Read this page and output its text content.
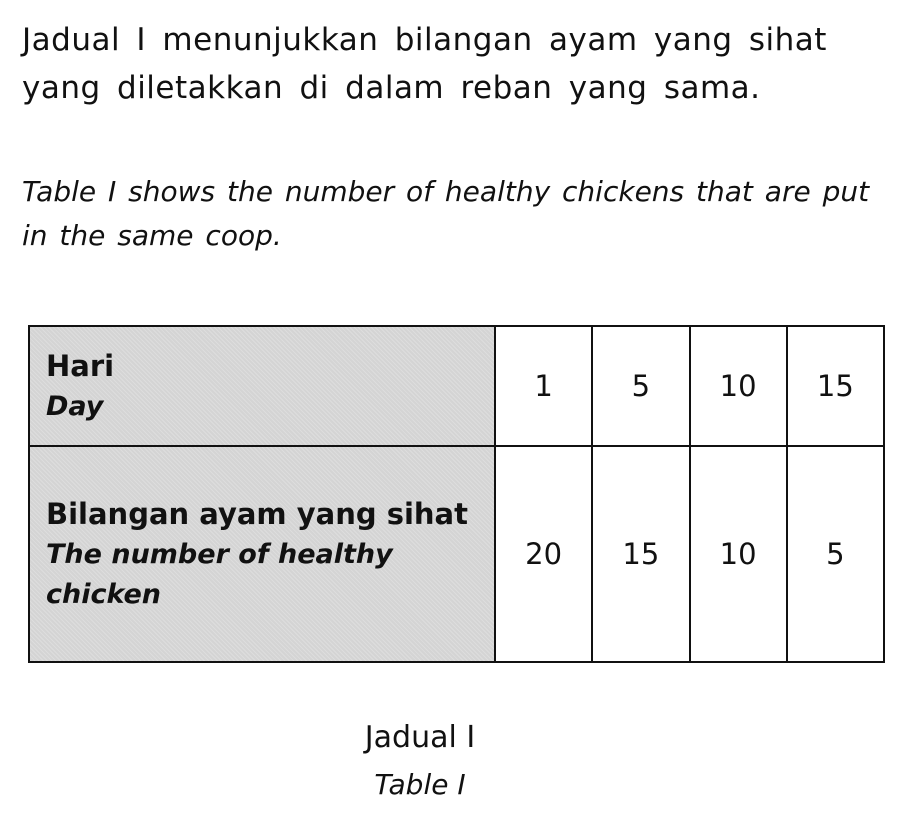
Jadual I menunjukkan bilangan ayam yang sihat yang diletakkan di dalam reban yang sama.

Table I shows the number of healthy chickens that are put in the same coop.

Hari
Day	1	5	10	15

Bilangan ayam yang sihat
The number of healthy chicken	20	15	10	5

Jadual I

Table I
